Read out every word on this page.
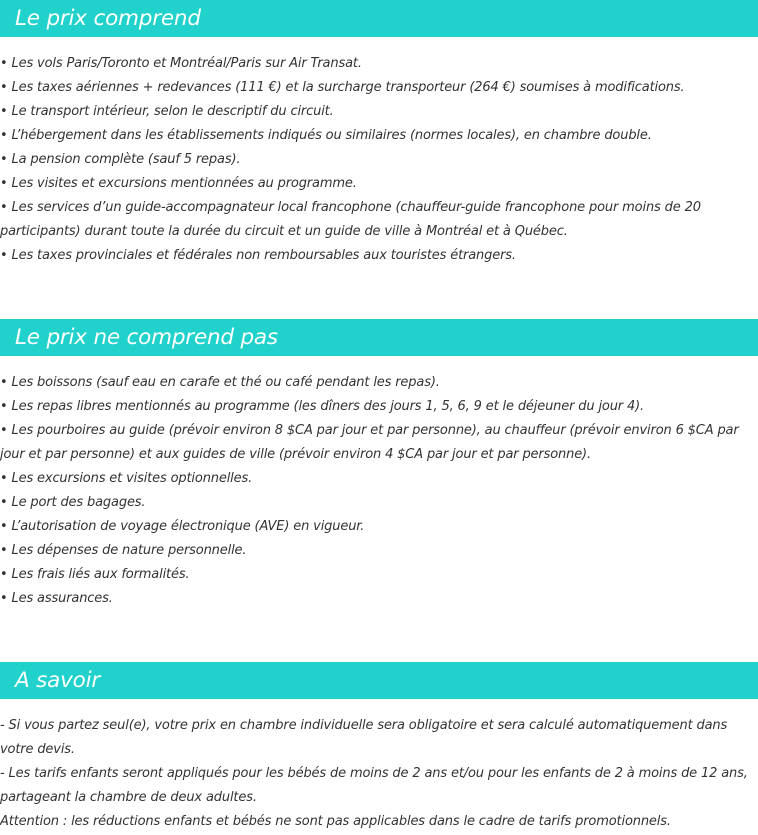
Le prix comprend
• Les vols Paris/Toronto et Montréal/Paris sur Air Transat.
• Les taxes aériennes + redevances (111 €) et la surcharge transporteur (264 €) soumises à modifications.
• Le transport intérieur, selon le descriptif du circuit.
• L’hébergement dans les établissements indiqués ou similaires (normes locales), en chambre double.
• La pension complète (sauf 5 repas).
• Les visites et excursions mentionnées au programme.
• Les services d’un guide-accompagnateur local francophone (chauffeur-guide francophone pour moins de 20 participants) durant toute la durée du circuit et un guide de ville à Montréal et à Québec.
• Les taxes provinciales et fédérales non remboursables aux touristes étrangers.
Le prix ne comprend pas
• Les boissons (sauf eau en carafe et thé ou café pendant les repas).
• Les repas libres mentionnés au programme (les dîners des jours 1, 5, 6, 9 et le déjeuner du jour 4).
• Les pourboires au guide (prévoir environ 8 $CA par jour et par personne), au chauffeur (prévoir environ 6 $CA par jour et par personne) et aux guides de ville (prévoir environ 4 $CA par jour et par personne).
• Les excursions et visites optionnelles.
• Le port des bagages.
• L’autorisation de voyage électronique (AVE) en vigueur.
• Les dépenses de nature personnelle.
• Les frais liés aux formalités.
• Les assurances.
A savoir
- Si vous partez seul(e), votre prix en chambre individuelle sera obligatoire et sera calculé automatiquement dans votre devis.
- Les tarifs enfants seront appliqués pour les bébés de moins de 2 ans et/ou pour les enfants de 2 à moins de 12 ans, partageant la chambre de deux adultes.
Attention : les réductions enfants et bébés ne sont pas applicables dans le cadre de tarifs promotionnels.
